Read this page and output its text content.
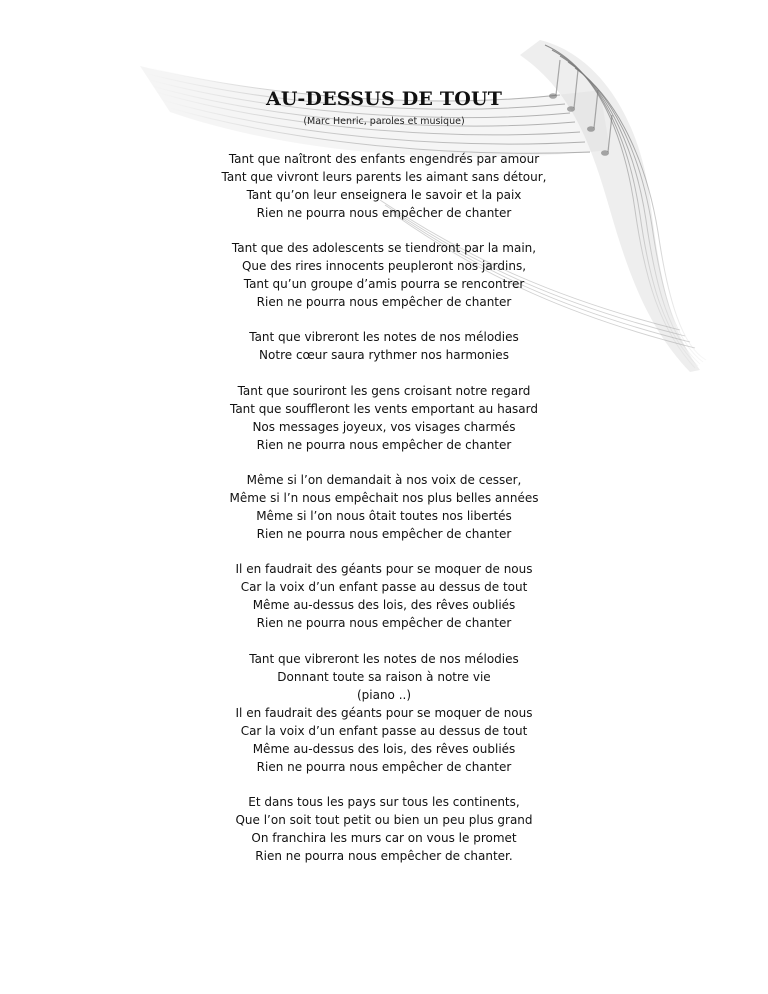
AU-DESSUS DE TOUT
(Marc Henric, paroles et musique)
Tant que naîtront des enfants engendrés par amour
Tant que vivront leurs parents les aimant sans détour,
Tant qu’on leur enseignera le savoir et la paix
Rien ne pourra nous empêcher de chanter
Tant que des adolescents se tiendront par la main,
Que des rires innocents peupleront nos jardins,
Tant qu’un groupe d’amis pourra se rencontrer
Rien ne pourra nous empêcher de chanter
Tant que vibreront les notes de nos mélodies
Notre cœur saura rythmer nos harmonies
Tant que souriront les gens croisant notre regard
Tant que souffleront les vents emportant au hasard
Nos messages joyeux, vos visages charmés
Rien ne pourra nous empêcher de chanter
Même si l’on demandait à nos voix de cesser,
Même si l’n nous empêchait nos plus belles années
Même si l’on nous ôtait toutes nos libertés
Rien ne pourra nous empêcher de chanter
Il en faudrait des géants pour se moquer de nous
Car la voix d’un enfant passe au dessus de tout
Même au-dessus des lois, des rêves oubliés
Rien ne pourra nous empêcher de chanter
Tant que vibreront les notes de nos mélodies
Donnant toute sa raison à notre vie
(piano ..)
Il en faudrait des géants pour se moquer de nous
Car la voix d’un enfant passe au dessus de tout
Même au-dessus des lois, des rêves oubliés
Rien ne pourra nous empêcher de chanter
Et dans tous les pays sur tous les continents,
Que l’on soit tout petit ou bien un peu plus grand
On franchira les murs car on vous le promet
Rien ne pourra nous empêcher de chanter.
